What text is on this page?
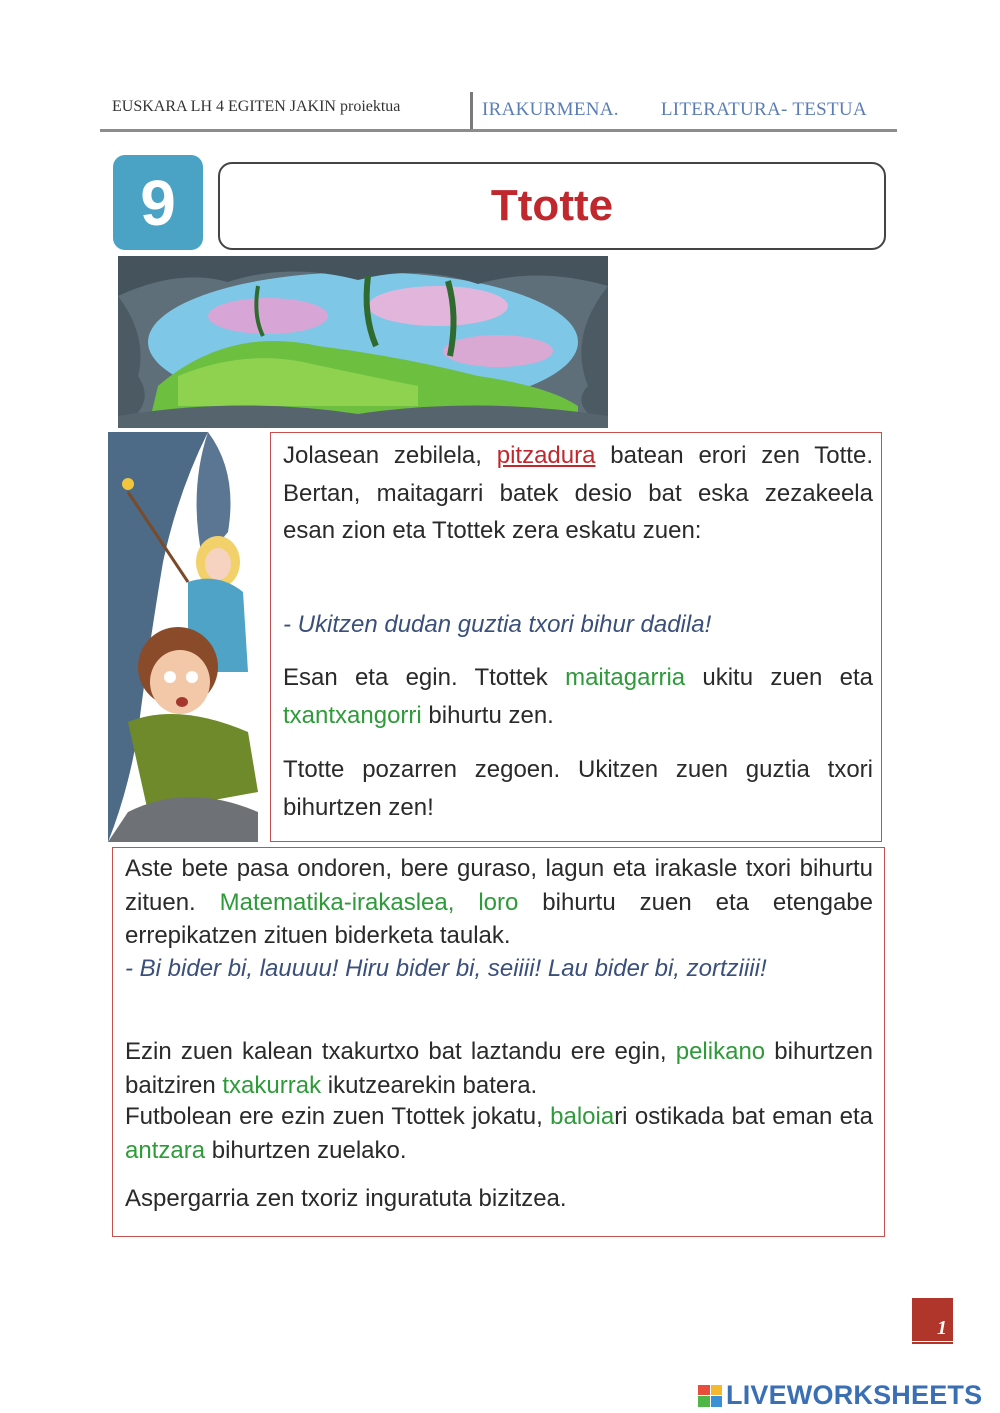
EUSKARA LH 4 EGITEN JAKIN proiektua	IRAKURMENA. LITERATURA- TESTUA
9	Ttotte
Jolasean zebilela, pitzadura batean erori zen Totte. Bertan, maitagarri batek desio bat eska zezakeela esan zion eta Ttottek zera eskatu zuen:
- Ukitzen dudan guztia txori bihur dadila!
Esan eta egin. Ttottek maitagarria ukitu zuen eta txantxangorri bihurtu zen.
Ttotte pozarren zegoen. Ukitzen zuen guztia txori bihurtzen zen!
Aste bete pasa ondoren, bere guraso, lagun eta irakasle txori bihurtu zituen. Matematika-irakaslea, loro bihurtu zuen eta etengabe errepikatzen zituen biderketa taulak.
- Bi bider bi, lauuuu! Hiru bider bi, seiiii! Lau bider bi, zortziiii!
Ezin zuen kalean txakurtxo bat laztandu ere egin, pelikano bihurtzen baitziren txakurrak ikutzearekin batera.
Futbolean ere ezin zuen Ttottek jokatu, baloiari ostikada bat eman eta antzara bihurtzen zuelako.
Aspergarria zen txoriz inguratuta bizitzea.
1
LIVEWORKSHEETS
